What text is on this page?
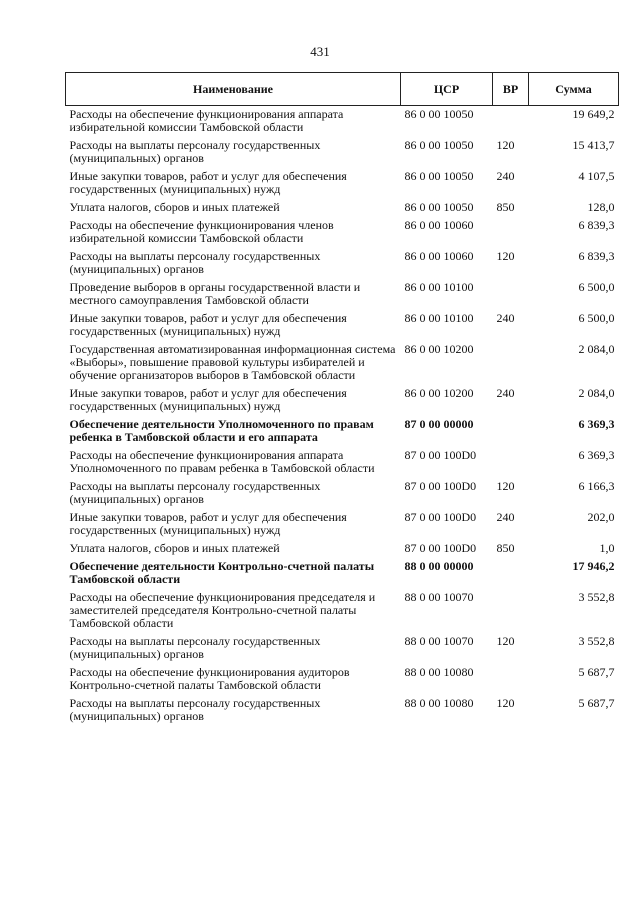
431
Наименование	ЦСР	ВР	Сумма
Расходы на обеспечение функционирования аппарата избирательной комиссии Тамбовской области	86 0 00 10050		19 649,2
Расходы на выплаты персоналу государственных (муниципальных) органов	86 0 00 10050	120	15 413,7
Иные закупки товаров, работ и услуг для обеспечения государственных (муниципальных) нужд	86 0 00 10050	240	4 107,5
Уплата налогов, сборов и иных платежей	86 0 00 10050	850	128,0
Расходы на обеспечение функционирования членов избирательной комиссии Тамбовской области	86 0 00 10060		6 839,3
Расходы на выплаты персоналу государственных (муниципальных) органов	86 0 00 10060	120	6 839,3
Проведение выборов в органы государственной власти и местного самоуправления Тамбовской области	86 0 00 10100		6 500,0
Иные закупки товаров, работ и услуг для обеспечения государственных (муниципальных) нужд	86 0 00 10100	240	6 500,0
Государственная автоматизированная информационная система «Выборы», повышение правовой культуры избирателей и обучение организаторов выборов в Тамбовской области	86 0 00 10200		2 084,0
Иные закупки товаров, работ и услуг для обеспечения государственных (муниципальных) нужд	86 0 00 10200	240	2 084,0
Обеспечение деятельности Уполномоченного по правам ребенка в Тамбовской области и его аппарата	87 0 00 00000		6 369,3
Расходы на обеспечение функционирования аппарата Уполномоченного по правам ребенка в Тамбовской области	87 0 00 100D0		6 369,3
Расходы на выплаты персоналу государственных (муниципальных) органов	87 0 00 100D0	120	6 166,3
Иные закупки товаров, работ и услуг для обеспечения государственных (муниципальных) нужд	87 0 00 100D0	240	202,0
Уплата налогов, сборов и иных платежей	87 0 00 100D0	850	1,0
Обеспечение деятельности Контрольно-счетной палаты Тамбовской области	88 0 00 00000		17 946,2
Расходы на обеспечение функционирования председателя и заместителей председателя Контрольно-счетной палаты Тамбовской области	88 0 00 10070		3 552,8
Расходы на выплаты персоналу государственных (муниципальных) органов	88 0 00 10070	120	3 552,8
Расходы на обеспечение функционирования аудиторов Контрольно-счетной палаты Тамбовской области	88 0 00 10080		5 687,7
Расходы на выплаты персоналу государственных (муниципальных) органов	88 0 00 10080	120	5 687,7
